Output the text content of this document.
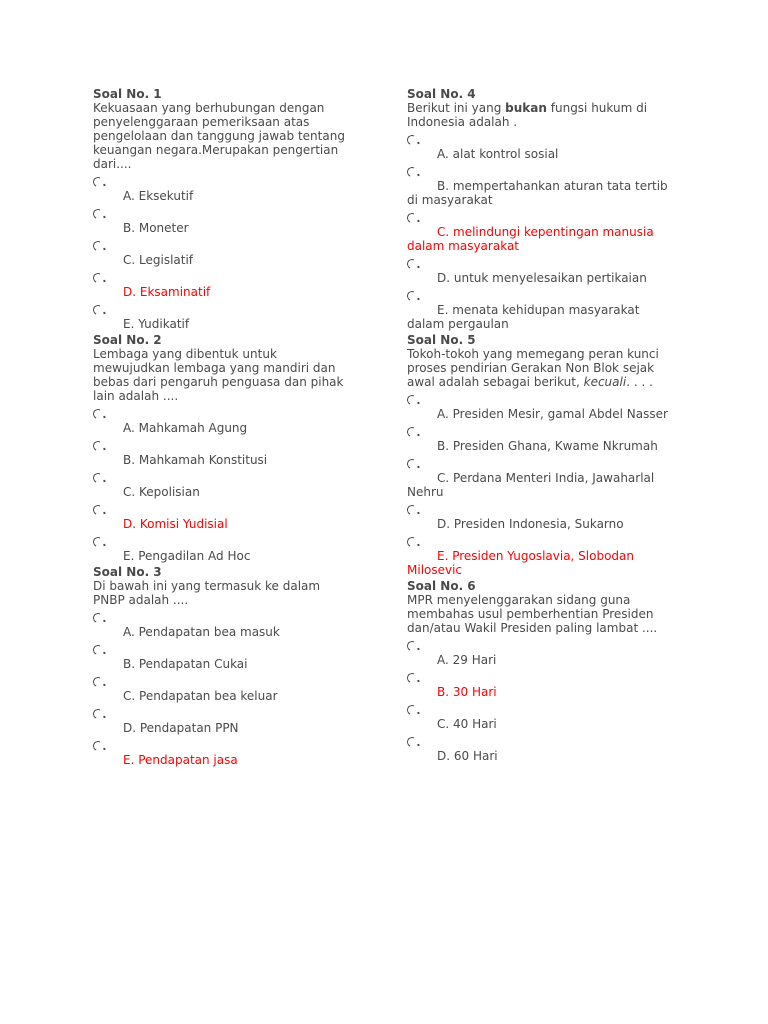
Soal No. 1
Kekuasaan yang berhubungan dengan penyelenggaraan pemeriksaan atas pengelolaan dan tanggung jawab tentang keuangan negara.Merupakan pengertian dari....
A. Eksekutif
B. Moneter
C. Legislatif
D. Eksaminatif
E. Yudikatif
Soal No. 2
Lembaga yang dibentuk untuk mewujudkan lembaga yang mandiri dan bebas dari pengaruh penguasa dan pihak lain adalah ....
A. Mahkamah Agung
B. Mahkamah Konstitusi
C. Kepolisian
D. Komisi Yudisial
E. Pengadilan Ad Hoc
Soal No. 3
Di bawah ini yang termasuk ke dalam PNBP adalah ....
A. Pendapatan bea masuk
B. Pendapatan Cukai
C. Pendapatan bea keluar
D. Pendapatan PPN
E. Pendapatan jasa
Soal No. 4
Berikut ini yang bukan fungsi hukum di Indonesia adalah .
A. alat kontrol sosial
B. mempertahankan aturan tata tertib di masyarakat
C. melindungi kepentingan manusia dalam masyarakat
D. untuk menyelesaikan pertikaian
E. menata kehidupan masyarakat dalam pergaulan
Soal No. 5
Tokoh-tokoh yang memegang peran kunci proses pendirian Gerakan Non Blok sejak awal adalah sebagai berikut, kecuali. . . .
A. Presiden Mesir, gamal Abdel Nasser
B. Presiden Ghana, Kwame Nkrumah
C. Perdana Menteri India, Jawaharlal Nehru
D. Presiden Indonesia, Sukarno
E. Presiden Yugoslavia, Slobodan Milosevic
Soal No. 6
MPR menyelenggarakan sidang guna membahas usul pemberhentian Presiden dan/atau Wakil Presiden paling lambat ....
A. 29 Hari
B. 30 Hari
C. 40 Hari
D. 60 Hari
